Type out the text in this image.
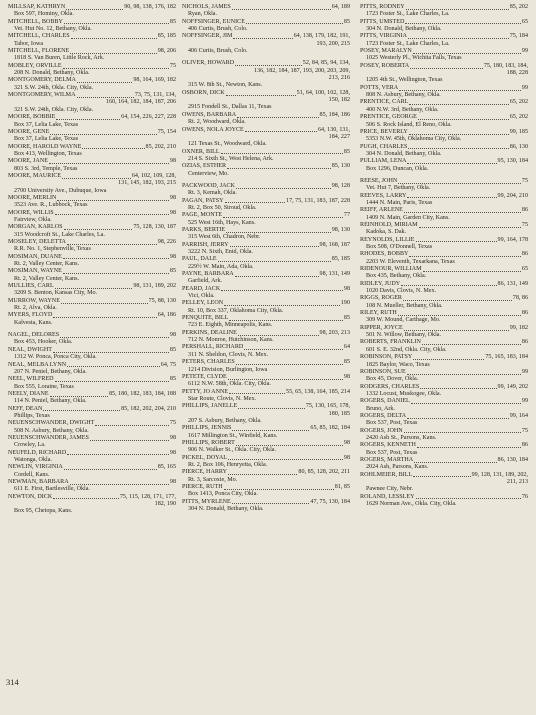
MILLSAP, KATHRYN	90, 98, 138, 176, 182
Box 597, Hominy, Okla.
MITCHELL, BOBBY	85
Vet. Hut No. 12, Bethany, Okla.
MITCHELL, CHARLES	85, 185
Tabor, Iowa
MITCHELL, FLORENE	98, 206
1818 S. Van Buren, Little Rock, Ark.
MOBLEY, ORVILLE	75
208 N. Donald, Bethany, Okla.
MONTGOMERY, DELMA	98, 164, 169, 182
321 S.W. 24th, Okla. City, Okla.
MONTGOMERY, WILMA	73, 75, 131, 134,
160, 164, 182, 184, 187, 206
321 S.W. 24th, Okla. City, Okla.
MOORE, BOBBIE	64, 154, 226, 227, 228
Box 37, Lelia Lake, Texas
MOORE, GENE	75, 154
Box 37, Lelia Lake, Texas
MOORE, HAROLD WAYNE	85, 202, 210
Box 413, Wellington, Texas
MOORE, JANE	98
803 S. 3rd, Temple, Texas
MOORE, MAURICE	64, 102, 109, 128,
131, 145, 182, 193, 215
2700 University Ave., Dubuque, Iowa
MOORE, MERLIN	98
3523 Ave. R., Lubbock, Texas
MOORE, WILLIS	98
Fairview, Okla.
MORGAN, KARLOS	75, 128, 130, 187
315 Woodcroft St., Lake Charles, La.
MOSELEY, DELETTA	98, 226
R.R. No. 1, Stephenville, Texas
MOSIMAN, DUANE	98
Rt. 2, Valley Center, Kans.
MOSIMAN, WAYNE	85
Rt. 2, Valley Center, Kans.
MULLIES, CARL	98, 131, 189, 202
3209 S. Benton, Kansas City, Mo.
MURROW, WAYNE	75, 88, 130
Rt. 2, Alva, Okla.
MYERS, FLOYD	64, 186
Kalvesta, Kans.
NAGEL, DELORES	98
Box 453, Hooker, Okla.
NEAL, DWIGHT	85
1312 W. Ponca, Ponca City, Okla.
NEAL, MELBA LYNN	64, 75
207 N. Peniel, Bethany, Okla.
NEEL, WILFRED	85
Box 555, Loraine, Texas
NEELY, DIANE	85, 180, 182, 183, 184, 188
114 N. Peniel, Bethany, Okla.
NEFF, DEAN	85, 182, 202, 204, 210
Phillips, Texas
NEUENSCHWANDER, DWIGHT	75
508 N. Asbury, Bethany, Okla.
NEUENSCHWANDER, JAMES	98
Crowley, La.
NEUFELD, RICHARD	98
Watonga, Okla.
NEWLIN, VIRGINIA	85, 165
Cordell, Kans.
NEWMAN, BARBARA	98
611 E. First, Bartlesville, Okla.
NEWTON, DICK	75, 115, 128, 171, 177,
182, 190
Box 95, Chetopa, Kans.
NICHOLS, JAMES	64, 189
Ryan, Okla.
NOFFSINGER, EUNICE	85
406 Curtis, Brush, Colo.
NOFFSINGER, JIM	64, 138, 179, 182, 191,
193, 200, 215
406 Curtis, Brush, Colo.
OLIVER, HOWARD	52, 84, 85, 94, 134,
136, 182, 184, 187, 193, 200, 203, 209,
213, 216
315 W. 8th St., Newton, Kans.
OSBORN, DICK	51, 64, 100, 102, 128,
150, 182
2915 Fondell St., Dallas 11, Texas
OWENS, BARBARA	85, 184, 186
Rt. 2, Woodward, Okla.
OWENS, NOLA JOYCE	64, 130, 131,
184, 227
121 Texas St., Woodward, Okla.
OXNER, BILL	85
214 S. Sixth St., West Helena, Ark.
OZIAS, ESTHER	85, 130
Centerview, Mo.
PACKWOOD, JACK	98, 128
Rt. 3, Kemah, Okla.
PAGAN, PATSY	17, 75, 131, 183, 187, 228
Rt. 2, Box 50, Stroud, Okla.
PAGE, MONTE	77
525 West 16th, Hays, Kans.
PARKS, BERTIE	98, 130
315 West 6th, Chadron, Nebr.
PARRISH, JERRY	98, 168, 187
3222 N. Sixth, Enid, Okla.
PAUL, DALE	85, 185
229½ W. Main, Ada, Okla.
PAYNE, BARBARA	98, 131, 149
Garfield, Ark.
PEARD, JACK	98
Vici, Okla.
PELLEY, LEON	190
Rt. 10, Box 337, Oklahoma City, Okla.
PENQUITE, BILL	85
723 E. Eighth, Minneapolis, Kans.
PERKINS, DEALINE	98, 203, 213
712 N. Monroe, Hutchinson, Kans.
PERSHALL, RICHARD	64
311 N. Sheldon, Clovis, N. Mex.
PETERS, CHARLES	85
1214 Division, Burlington, Iowa
PETETE, CLYDE	98
6112 N.W. 58th, Okla. City, Okla.
PETTY, JO ANNE	55, 65, 138, 164, 185, 214
Star Route, Clovis, N. Mex.
PHILLIPS, JANELLE	75, 130, 165, 178,
180, 185
207 S. Asbury, Bethany, Okla.
PHILLIPS, JENNIS	65, 85, 182, 184
1617 Millington St., Winfield, Kans.
PHILLIPS, ROBERT	98
906 N. Walker St., Okla. City, Okla.
PICKEL, DOYAL	98
Rt. 2, Box 106, Henryetta, Okla.
PIERCE, HARRY	80, 85, 128, 202, 211
Rt. 3, Sarcoxie, Mo.
PIERCE, RUTH	81, 85
Box 1413, Ponca City, Okla.
PITTS, MYRLENE	47, 75, 130, 184
304 N. Donald, Bethany, Okla.
PITTS, RODNEY	85, 202
1723 Foster St., Lake Charles, La.
PITTS, UMSTED	65
304 N. Donald, Bethany, Okla.
PITTS, VIRGINIA	75, 184
1723 Foster St., Lake Charles, La.
POSEY, MARALYN	99
1025 Westerly Pl., Wichita Falls, Texas
POSEY, ROBERTA	75, 180, 183, 184,
188, 228
1205 4th St., Wellington, Texas
POTTS, VERA	99
808 N. Asbury, Bethany, Okla.
PRENTICE, CARL	65, 202
400 N.W. 3rd, Bethany, Okla.
PRENTICE, GEORGE	65, 202
506 S. Rock Island, El Reno, Okla.
PRICE, BEVERLY	99, 185
5353 N.W. 45th, Oklahoma City, Okla.
PUGH, CHARLES	86, 130
304 N. Donald, Bethany, Okla.
PULLIAM, LENA	95, 130, 184
Box 1296, Duncan, Okla.
REESE, JOHN	75
Vet. Hut 7, Bethany, Okla.
REEVES, LARRY	99, 204, 210
1444 N. Main, Paris, Texas
REIFF, ARLENE	86
1409 N. Main, Garden City, Kans.
REINHOLD, MIRIAM	75
Kadoka, S. Dak.
REYNOLDS, LILLIE	99, 164, 178
Box 508, O'Donnell, Texas
RHODES, BOBBY	86
2203 W. Eleventh, Texarkana, Texas
RIDENOUR, WILLIAM	65
Box 435, Bethany, Okla.
RIDLEY, JUDY	86, 131, 149
1020 Davis, Clovis, N. Mex.
RIGGS, ROGER	78, 86
108 N. Mueller, Bethany, Okla.
RILEY, RUTH	86
309 W. Mound, Carthage, Mo.
RIPPER, JOYCE	99, 182
501 N. Willow, Bethany, Okla.
ROBERTS, FRANKLIN	86
601 S. E. 32nd, Okla. City, Okla.
ROBINSON, PATSY	75, 165, 183, 184
1825 Baylor, Waco, Texas
ROBINSON, SUE	99
Box 45, Dover, Okla.
RODGERS, CHARLES	99, 149, 202
1332 Locust, Muskogee, Okla.
ROGERS, DANIEL	99
Bruno, Ark.
ROGERS, DELTA	99, 164
Box 537, Post, Texas
ROGERS, JOHN	75
2420 Ash St., Parsons, Kans.
ROGERS, KENNETH	86
Box 537, Post, Texas
ROGERS, MARTHA	86, 130, 184
2024 Ash, Parsons, Kans.
ROHLMEIER, BILL	99, 128, 131, 189, 202,
211, 213
Pawnee City, Nebr.
ROLAND, LESSLEY	76
1629 Norman Ave., Okla. City, Okla.
314
